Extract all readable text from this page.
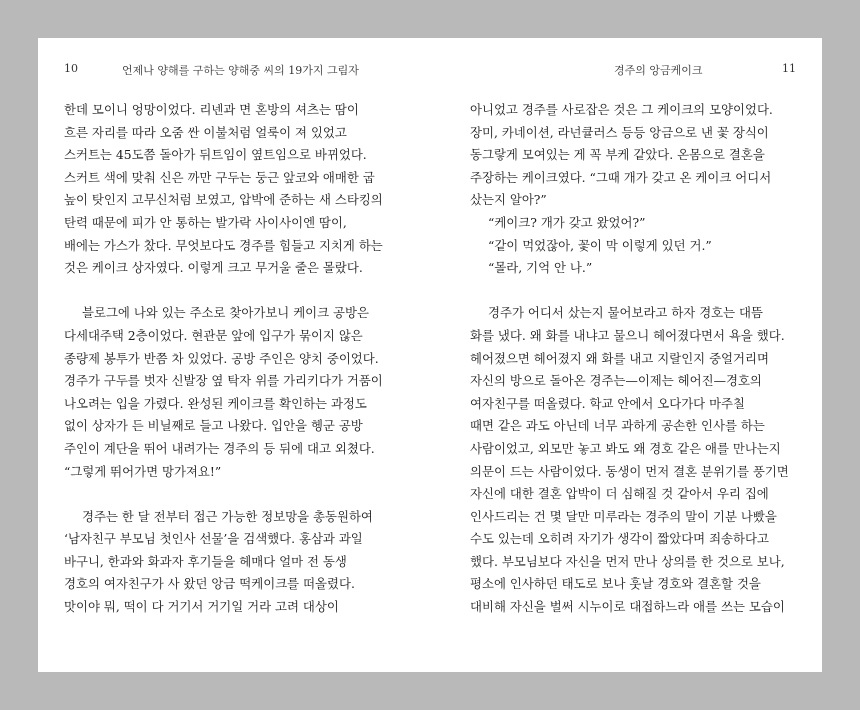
10	언제나 양해를 구하는 양해중 씨의 19가지 그림자
한데 모이니 엉망이었다. 리넨과 면 혼방의 셔츠는 땀이
흐른 자리를 따라 오줌 싼 이불처럼 얼룩이 져 있었고
스커트는 45도쯤 돌아가 뒤트임이 옆트임으로 바뀌었다.
스커트 색에 맞춰 신은 까만 구두는 둥근 앞코와 애매한 굽
높이 탓인지 고무신처럼 보였고, 압박에 준하는 새 스타킹의
탄력 때문에 피가 안 통하는 발가락 사이사이엔 땀이,
배에는 가스가 찼다. 무엇보다도 경주를 힘들고 지치게 하는
것은 케이크 상자였다. 이렇게 크고 무거울 줄은 몰랐다.
블로그에 나와 있는 주소로 찾아가보니 케이크 공방은
다세대주택 2층이었다. 현관문 앞에 입구가 묶이지 않은
종량제 봉투가 반쯤 차 있었다. 공방 주인은 양치 중이었다.
경주가 구두를 벗자 신발장 옆 탁자 위를 가리키다가 거품이
나오려는 입을 가렸다. 완성된 케이크를 확인하는 과정도
없이 상자가 든 비닐째로 들고 나왔다. 입안을 헹군 공방
주인이 계단을 뛰어 내려가는 경주의 등 뒤에 대고 외쳤다.
“그렇게 뛰어가면 망가져요!”
경주는 한 달 전부터 접근 가능한 정보망을 총동원하여
‘남자친구 부모님 첫인사 선물’을 검색했다. 홍삼과 과일
바구니, 한과와 화과자 후기들을 헤매다 얼마 전 동생
경호의 여자친구가 사 왔던 앙금 떡케이크를 떠올렸다.
맛이야 뭐, 떡이 다 거기서 거기일 거라 고려 대상이
경주의 앙금케이크	11
아니었고 경주를 사로잡은 것은 그 케이크의 모양이었다.
장미, 카네이션, 라넌큘러스 등등 앙금으로 낸 꽃 장식이
동그랗게 모여있는 게 꼭 부케 같았다. 온몸으로 결혼을
주장하는 케이크였다. “그때 개가 갖고 온 케이크 어디서
샀는지 알아?”
“케이크? 개가 갖고 왔었어?”
“같이 먹었잖아, 꽃이 막 이렇게 있던 거.”
“몰라, 기억 안 나.”
경주가 어디서 샀는지 물어보라고 하자 경호는 대뜸
화를 냈다. 왜 화를 내냐고 물으니 헤어졌다면서 욕을 했다.
헤어졌으면 헤어졌지 왜 화를 내고 지랄인지 중얼거리며
자신의 방으로 돌아온 경주는—이제는 헤어진—경호의
여자친구를 떠올렸다. 학교 안에서 오다가다 마주칠
때면 같은 과도 아닌데 너무 과하게 공손한 인사를 하는
사람이었고, 외모만 놓고 봐도 왜 경호 같은 애를 만나는지
의문이 드는 사람이었다. 동생이 먼저 결혼 분위기를 풍기면
자신에 대한 결혼 압박이 더 심해질 것 같아서 우리 집에
인사드리는 건 몇 달만 미루라는 경주의 말이 기분 나빴을
수도 있는데 오히려 자기가 생각이 짧았다며 죄송하다고
했다. 부모님보다 자신을 먼저 만나 상의를 한 것으로 보나,
평소에 인사하던 태도로 보나 훗날 경호와 결혼할 것을
대비해 자신을 벌써 시누이로 대접하느라 애를 쓰는 모습이
